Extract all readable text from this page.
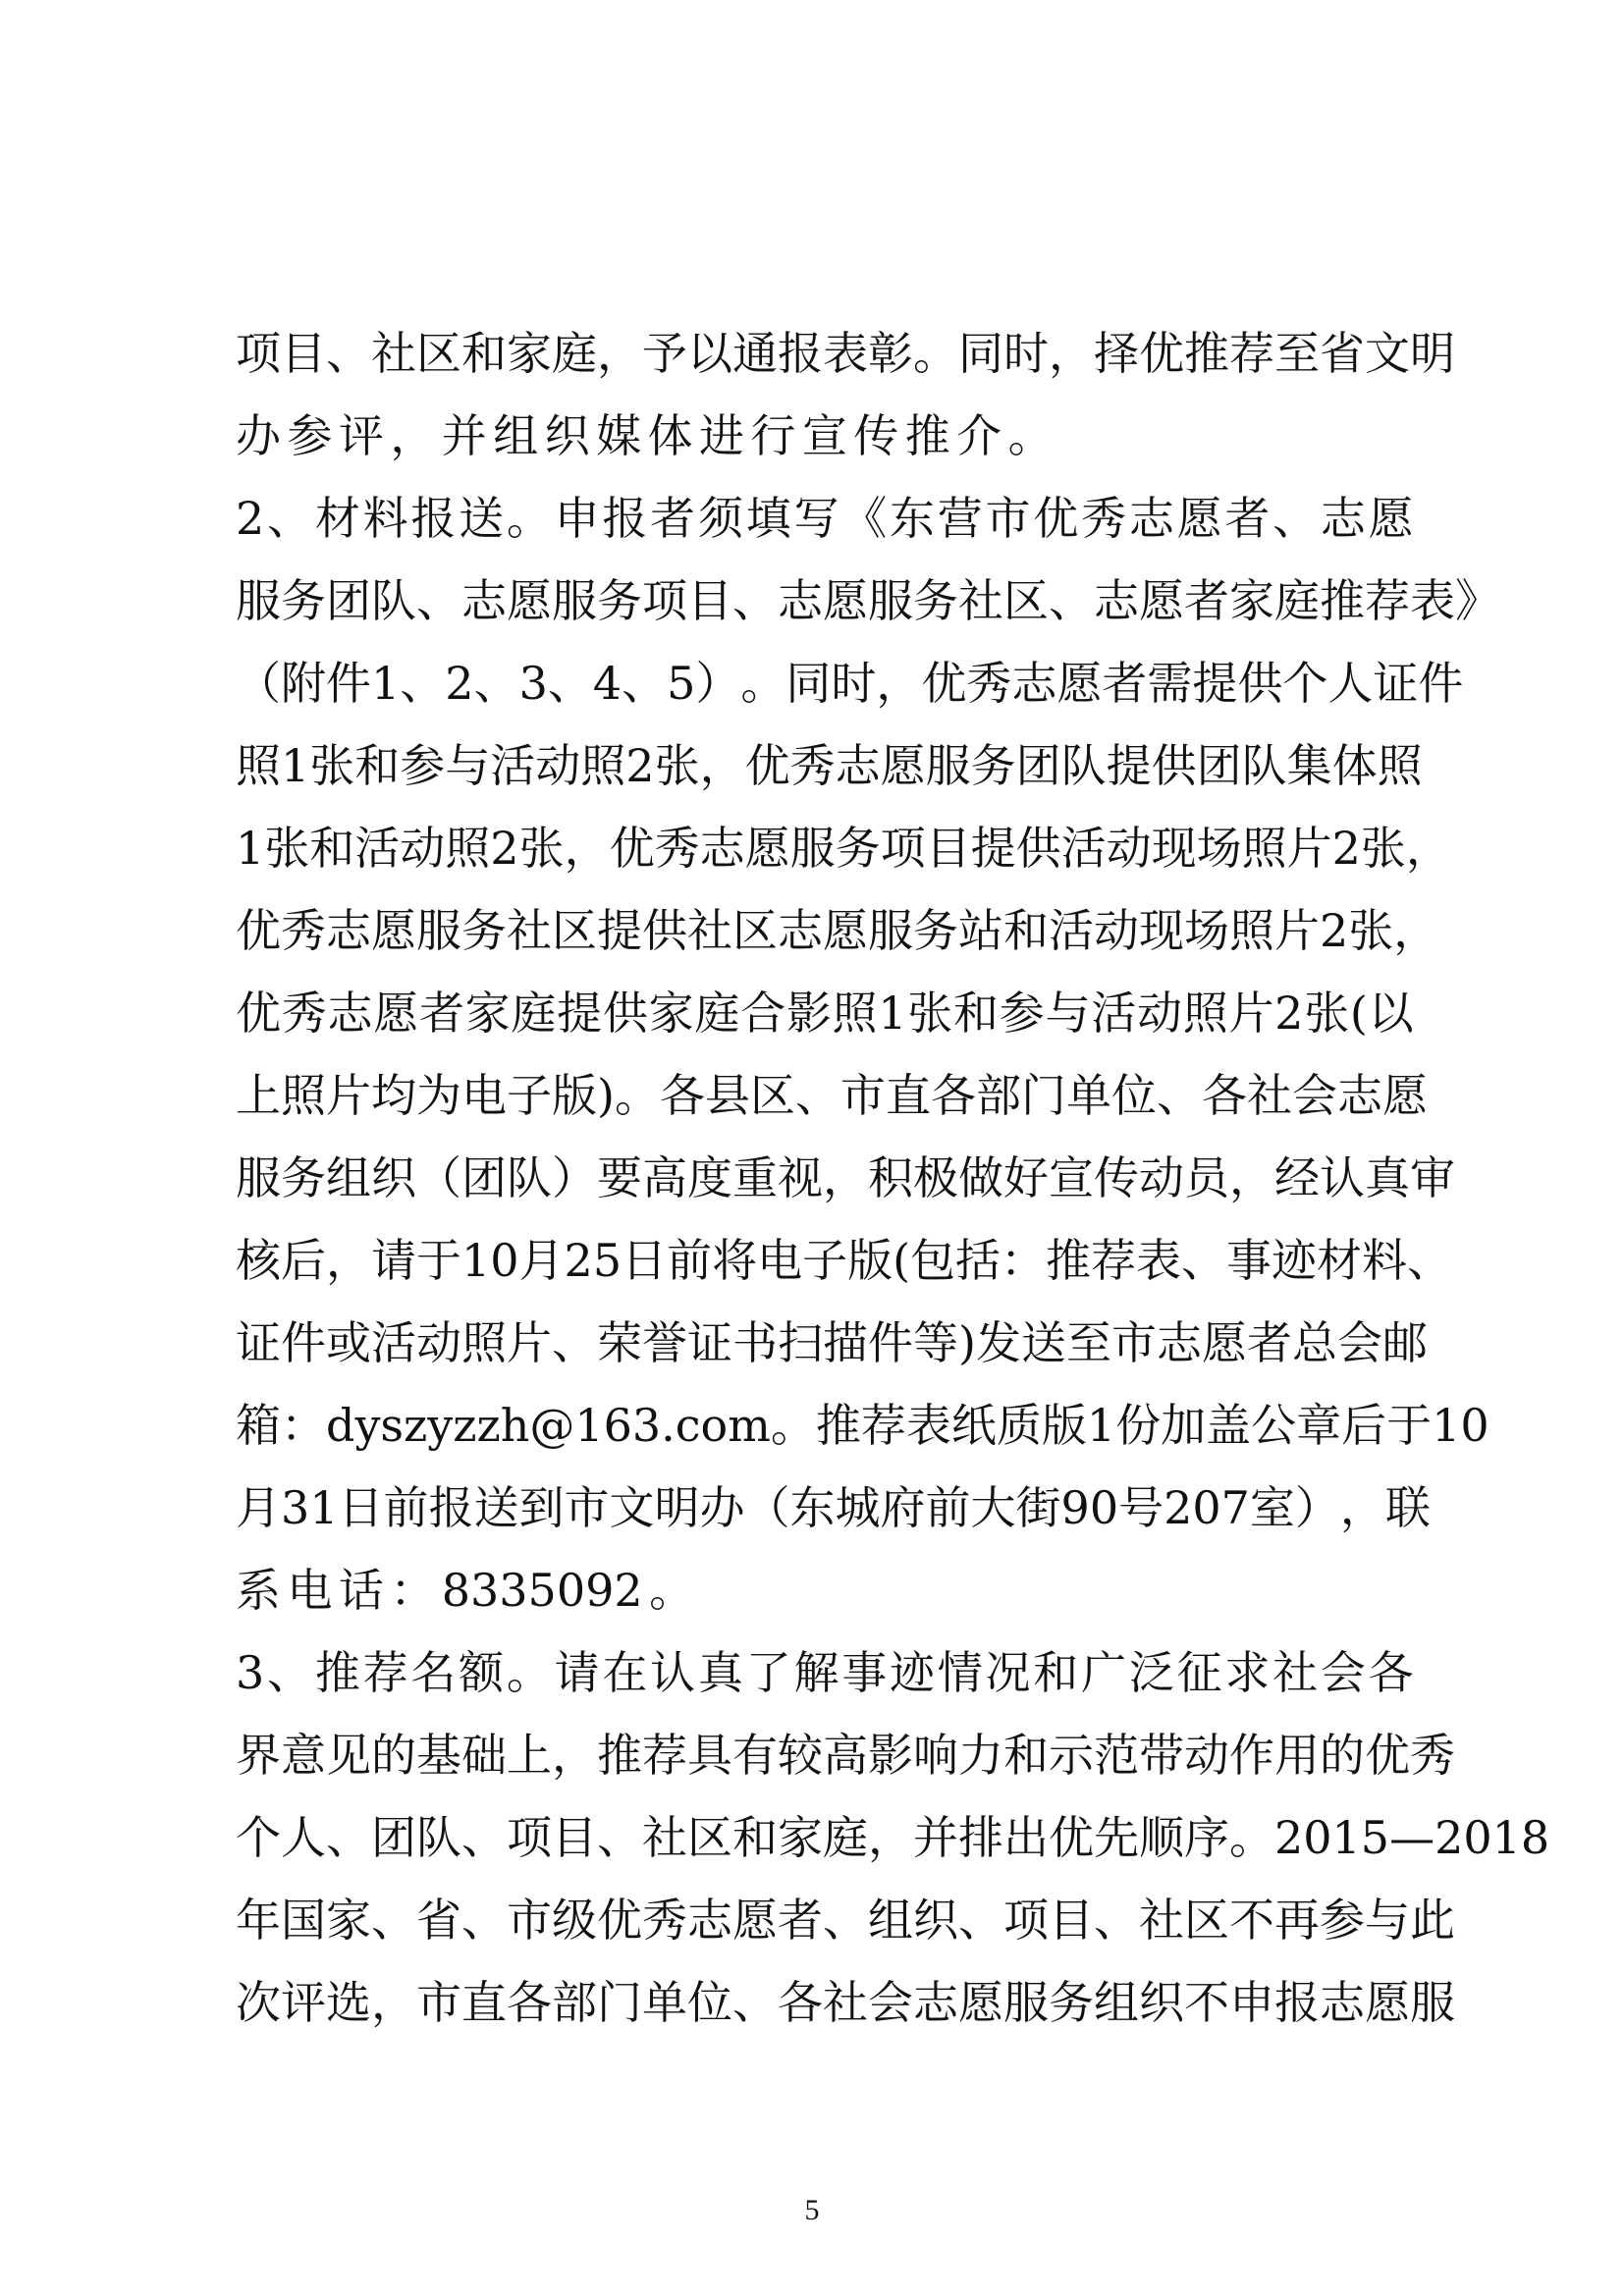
项 目 、 社 区 和 家 庭 ， 予 以 通 报 表 彰 。 同 时 ， 择 优 推 荐 至 省 文 明
办 参 评 ， 并 组 织 媒 体 进 行 宣 传 推 介 。
2 、 材 料 报 送 。 申 报 者 须 填 写 《 东 营 市 优 秀 志 愿 者 、 志 愿
服 务 团 队 、 志 愿 服 务 项 目 、 志 愿 服 务 社 区 、 志 愿 者 家 庭 推 荐 表 》
（ 附 件 1 、 2 、 3 、 4 、 5 ） 。 同 时 ， 优 秀 志 愿 者 需 提 供 个 人 证 件
照 1 张 和 参 与 活 动 照 2 张 ， 优 秀 志 愿 服 务 团 队 提 供 团 队 集 体 照
1 张 和 活 动 照 2 张 ， 优 秀 志 愿 服 务 项 目 提 供 活 动 现 场 照 片 2 张 ，
优 秀 志 愿 服 务 社 区 提 供 社 区 志 愿 服 务 站 和 活 动 现 场 照 片 2 张 ，
优 秀 志 愿 者 家 庭 提 供 家 庭 合 影 照 1 张 和 参 与 活 动 照 片 2 张 ( 以
上 照 片 均 为 电 子 版 ) 。 各 县 区 、 市 直 各 部 门 单 位 、 各 社 会 志 愿
服 务 组 织 （ 团 队 ） 要 高 度 重 视 ， 积 极 做 好 宣 传 动 员 ， 经 认 真 审
核 后 ， 请 于 10 月 25 日 前 将 电 子 版 ( 包 括 ： 推 荐 表 、 事 迹 材 料 、
证 件 或 活 动 照 片 、 荣 誉 证 书 扫 描 件 等 ) 发 送 至 市 志 愿 者 总 会 邮
箱 ： dyszyzzh@163.com 。 推 荐 表 纸 质 版 1 份 加 盖 公 章 后 于 10
月 31 日 前 报 送 到 市 文 明 办 （ 东 城 府 前 大 街 90 号 207 室 ） ， 联
系 电 话 ： 8335092 。
3 、 推 荐 名 额 。 请 在 认 真 了 解 事 迹 情 况 和 广 泛 征 求 社 会 各
界 意 见 的 基 础 上 ， 推 荐 具 有 较 高 影 响 力 和 示 范 带 动 作 用 的 优 秀
个 人 、 团 队 、 项 目 、 社 区 和 家 庭 ， 并 排 出 优 先 顺 序 。 2015 — 2018
年 国 家 、 省 、 市 级 优 秀 志 愿 者 、 组 织 、 项 目 、 社 区 不 再 参 与 此
次 评 选 ， 市 直 各 部 门 单 位 、 各 社 会 志 愿 服 务 组 织 不 申 报 志 愿 服
5
